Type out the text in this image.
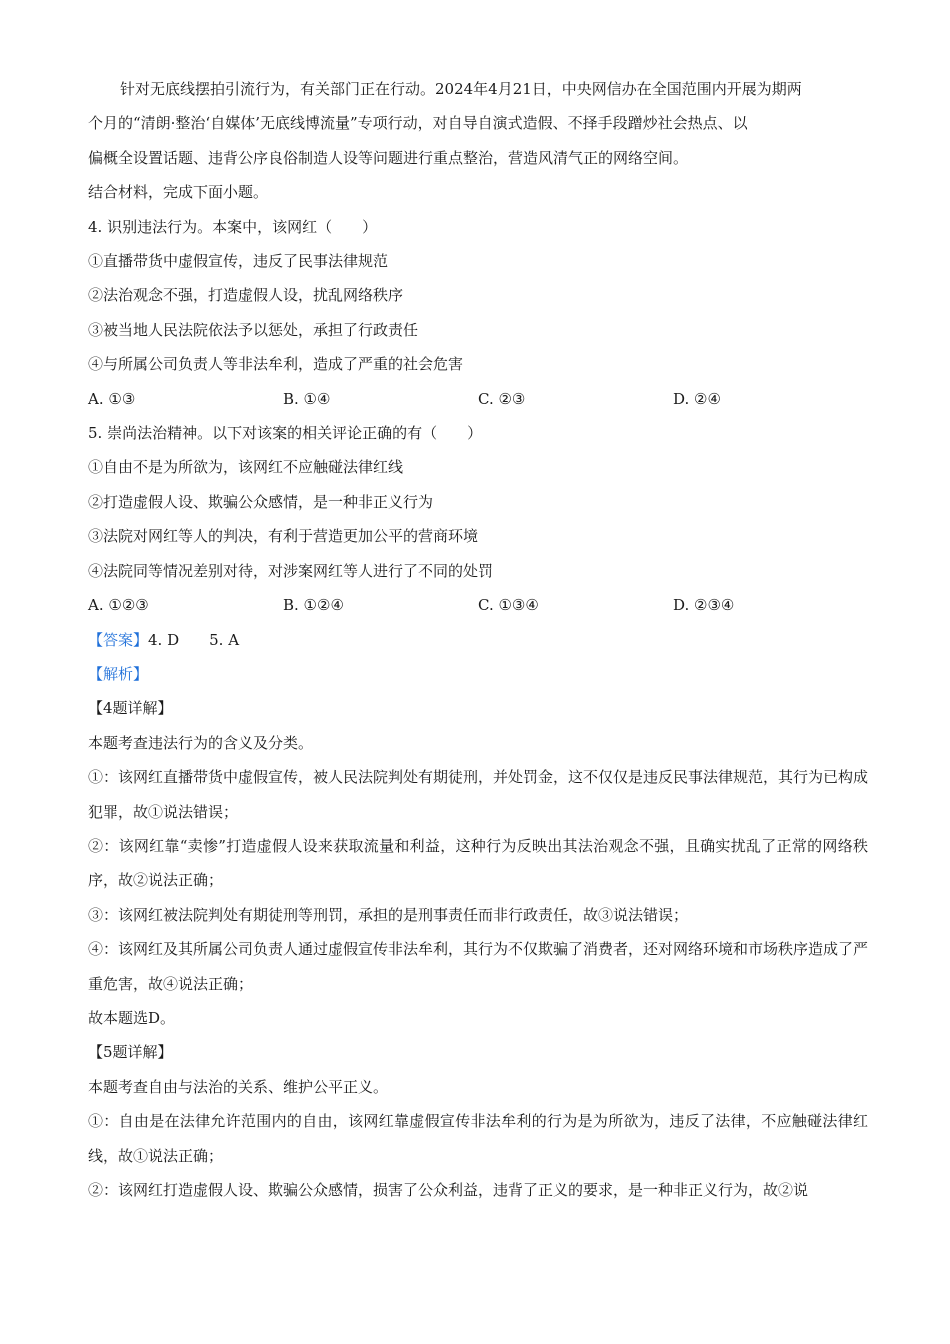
针对无底线摆拍引流行为，有关部门正在行动。2024年4月21日，中央网信办在全国范围内开展为期两
个月的“清朗·整治‘自媒体’无底线博流量”专项行动，对自导自演式造假、不择手段蹭炒社会热点、以
偏概全设置话题、违背公序良俗制造人设等问题进行重点整治，营造风清气正的网络空间。
结合材料，完成下面小题。
4. 识别违法行为。本案中，该网红（　　）
①直播带货中虚假宣传，违反了民事法律规范
②法治观念不强，打造虚假人设，扰乱网络秩序
③被当地人民法院依法予以惩处，承担了行政责任
④与所属公司负责人等非法牟利，造成了严重的社会危害
A. ①③	B. ①④	C. ②③	D. ②④
5. 崇尚法治精神。以下对该案的相关评论正确的有（　　）
①自由不是为所欲为，该网红不应触碰法律红线
②打造虚假人设、欺骗公众感情，是一种非正义行为
③法院对网红等人的判决，有利于营造更加公平的营商环境
④法院同等情况差别对待，对涉案网红等人进行了不同的处罚
A. ①②③	B. ①②④	C. ①③④	D. ②③④
【答案】4. D　　5. A
【解析】
【4题详解】
本题考查违法行为的含义及分类。
①：该网红直播带货中虚假宣传，被人民法院判处有期徒刑，并处罚金，这不仅仅是违反民事法律规范，其行为已构成犯罪，故①说法错误；
②：该网红靠“卖惨”打造虚假人设来获取流量和利益，这种行为反映出其法治观念不强，且确实扰乱了正常的网络秩序，故②说法正确；
③：该网红被法院判处有期徒刑等刑罚，承担的是刑事责任而非行政责任，故③说法错误；
④：该网红及其所属公司负责人通过虚假宣传非法牟利，其行为不仅欺骗了消费者，还对网络环境和市场秩序造成了严重危害，故④说法正确；
故本题选D。
【5题详解】
本题考查自由与法治的关系、维护公平正义。
①：自由是在法律允许范围内的自由，该网红靠虚假宣传非法牟利的行为是为所欲为，违反了法律，不应触碰法律红线，故①说法正确；
②：该网红打造虚假人设、欺骗公众感情，损害了公众利益，违背了正义的要求，是一种非正义行为，故②说
